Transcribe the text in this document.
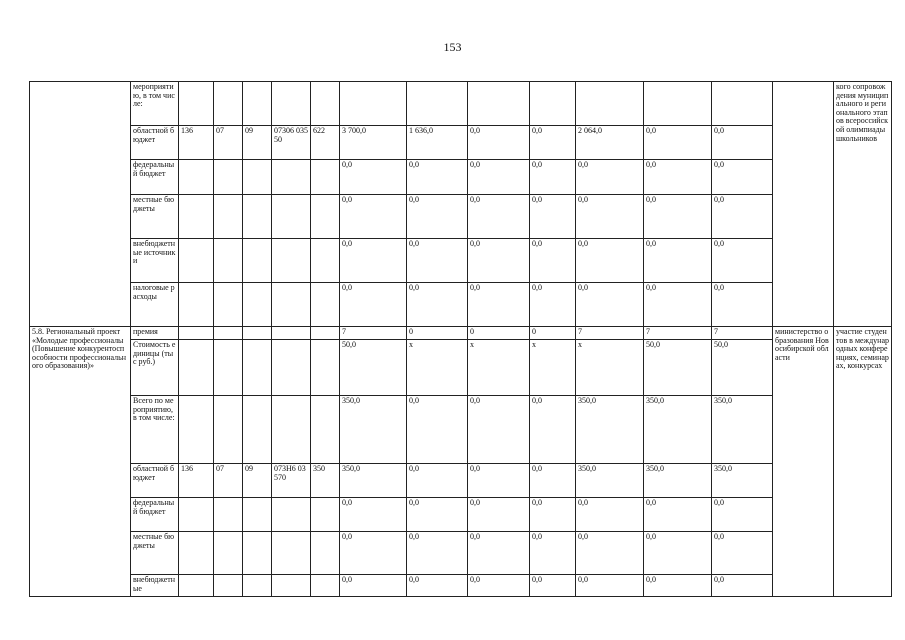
153
	мероприятию, в том числе:														кого сопровождения муниципального и регионального этапов всероссийской олимпиады школьников
	областной бюджет	136	07	09	07306 03550	622	3 700,0	1 636,0	0,0	0,0	2 064,0	0,0	0,0		
	федеральный бюджет						0,0	0,0	0,0	0,0	0,0	0,0	0,0		
	местные бюджеты						0,0	0,0	0,0	0,0	0,0	0,0	0,0		
	внебюджетные источники						0,0	0,0	0,0	0,0	0,0	0,0	0,0		
	налоговые расходы						0,0	0,0	0,0	0,0	0,0	0,0	0,0		
5.8. Региональный проект «Молодые профессионалы (Повышение конкурентоспособности профессионального образования)»	премия						7	0	0	0	7	7	7	министерство образования Новосибирской области	участие студентов в международных конференциях, семинарах, конкурсах
	Стоимость единицы (тыс руб.)						50,0	x	x	x	x	50,0	50,0		
	Всего по мероприятию, в том числе:						350,0	0,0	0,0	0,0	350,0	350,0	350,0		
	областной бюджет	136	07	09	073Н6 03570	350	350,0	0,0	0,0	0,0	350,0	350,0	350,0		
	федеральный бюджет						0,0	0,0	0,0	0,0	0,0	0,0	0,0		
	местные бюджеты						0,0	0,0	0,0	0,0	0,0	0,0	0,0		
	внебюджетные						0,0	0,0	0,0	0,0	0,0	0,0	0,0		
